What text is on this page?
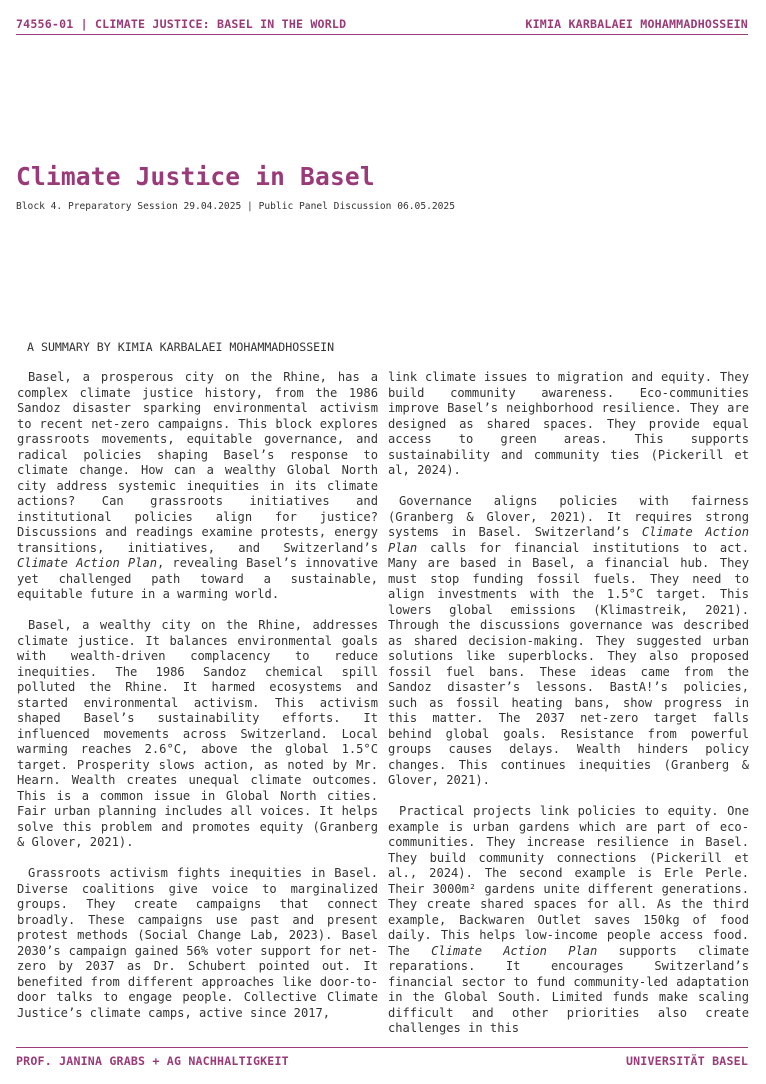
74556-01 | CLIMATE JUSTICE: BASEL IN THE WORLD	KIMIA KARBALAEI MOHAMMADHOSSEIN
Climate Justice in Basel
Block 4. Preparatory Session 29.04.2025 | Public Panel Discussion 06.05.2025
A SUMMARY BY KIMIA KARBALAEI MOHAMMADHOSSEIN

Basel, a prosperous city on the Rhine, has a complex climate justice history, from the 1986 Sandoz disaster sparking environmental activism to recent net-zero campaigns. This block explores grassroots movements, equitable governance, and radical policies shaping Basel’s response to climate change. How can a wealthy Global North city address systemic inequities in its climate actions? Can grassroots initiatives and institutional policies align for justice? Discussions and readings examine protests, energy transitions, initiatives, and Switzerland’s Climate Action Plan, revealing Basel’s innovative yet challenged path toward a sustainable, equitable future in a warming world.

Basel, a wealthy city on the Rhine, addresses climate justice. It balances environmental goals with wealth-driven complacency to reduce inequities. The 1986 Sandoz chemical spill polluted the Rhine. It harmed ecosystems and started environmental activism. This activism shaped Basel’s sustainability efforts. It influenced movements across Switzerland. Local warming reaches 2.6°C, above the global 1.5°C target. Prosperity slows action, as noted by Mr. Hearn. Wealth creates unequal climate outcomes. This is a common issue in Global North cities. Fair urban planning includes all voices. It helps solve this problem and promotes equity (Granberg & Glover, 2021).

Grassroots activism fights inequities in Basel. Diverse coalitions give voice to marginalized groups. They create campaigns that connect broadly. These campaigns use past and present protest methods (Social Change Lab, 2023). Basel 2030’s campaign gained 56% voter support for net-zero by 2037 as Dr. Schubert pointed out. It benefited from different approaches like door-to-door talks to engage people. Collective Climate Justice’s climate camps, active since 2017,

link climate issues to migration and equity. They build community awareness. Eco-communities improve Basel’s neighborhood resilience. They are designed as shared spaces. They provide equal access to green areas. This supports sustainability and community ties (Pickerill et al, 2024).

Governance aligns policies with fairness (Granberg & Glover, 2021). It requires strong systems in Basel. Switzerland’s Climate Action Plan calls for financial institutions to act. Many are based in Basel, a financial hub. They must stop funding fossil fuels. They need to align investments with the 1.5°C target. This lowers global emissions (Klimastreik, 2021). Through the discussions governance was described as shared decision-making. They suggested urban solutions like superblocks. They also proposed fossil fuel bans. These ideas came from the Sandoz disaster’s lessons. BastA!’s policies, such as fossil heating bans, show progress in this matter. The 2037 net-zero target falls behind global goals. Resistance from powerful groups causes delays. Wealth hinders policy changes. This continues inequities (Granberg & Glover, 2021).

Practical projects link policies to equity. One example is urban gardens which are part of eco-communities. They increase resilience in Basel. They build community connections (Pickerill et al., 2024). The second example is Erle Perle. Their 3000m² gardens unite different generations. They create shared spaces for all. As the third example, Backwaren Outlet saves 150kg of food daily. This helps low-income people access food. The Climate Action Plan supports climate reparations. It encourages Switzerland’s financial sector to fund community-led adaptation in the Global South. Limited funds make scaling difficult and other priorities also create challenges in this

PROF. JANINA GRABS + AG NACHHALTIGKEIT	UNIVERSITÄT BASEL
